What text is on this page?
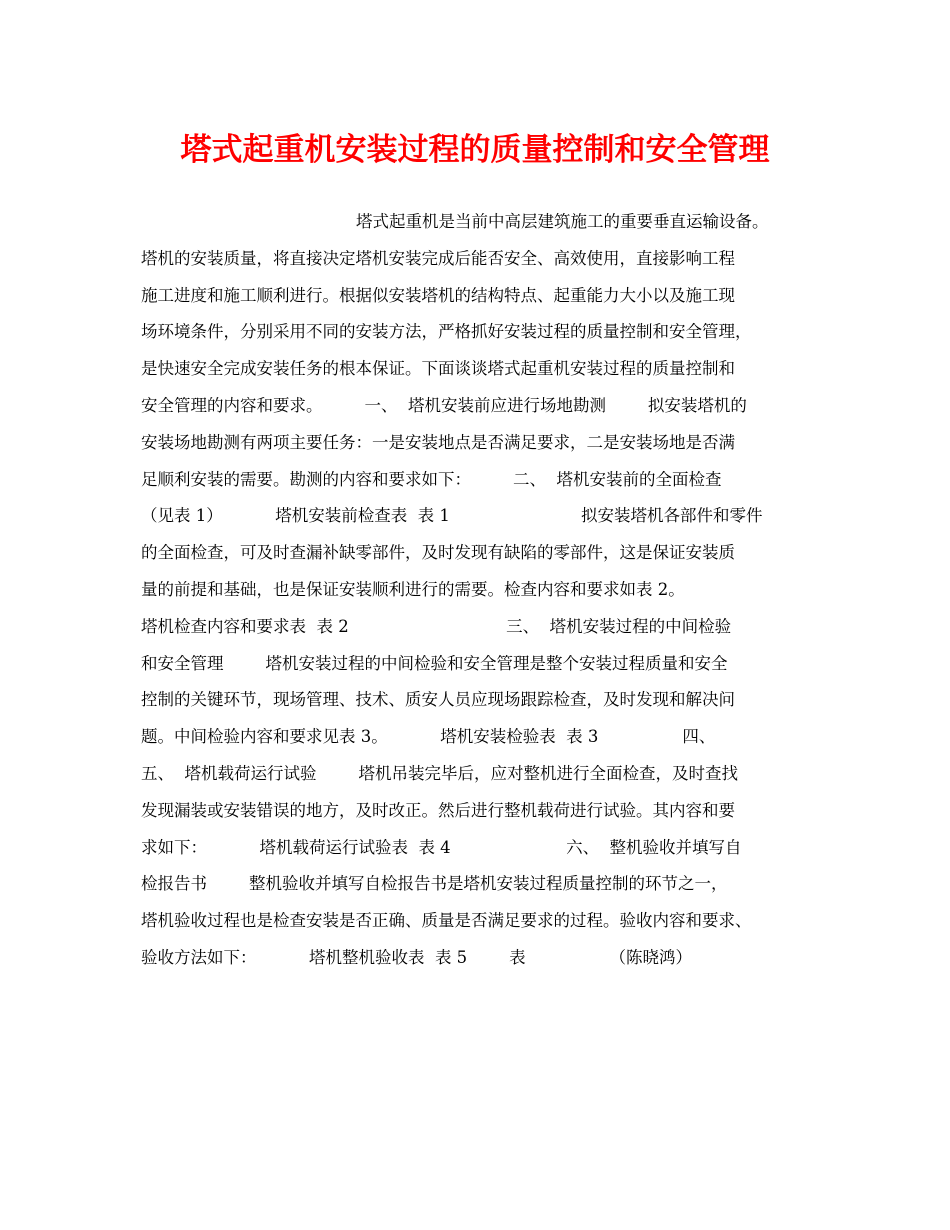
塔式起重机安装过程的质量控制和安全管理
塔式起重机是当前中高层建筑施工的重要垂直运输设备。
塔机的安装质量，将直接决定塔机安装完成后能否安全、高效使用，直接影响工程
施工进度和施工顺利进行。根据似安装塔机的结构特点、起重能力大小以及施工现
场环境条件，分别采用不同的安装方法，严格抓好安装过程的质量控制和安全管理，
是快速安全完成安装任务的根本保证。下面谈谈塔式起重机安装过程的质量控制和
安全管理的内容和要求。        一、  塔机安装前应进行场地勘测        拟安装塔机的
安装场地勘测有两项主要任务：一是安装地点是否满足要求，二是安装场地是否满
足顺利安装的需要。勘测的内容和要求如下：        二、  塔机安装前的全面检查
（见表 1）          塔机安装前检查表  表 1                         拟安装塔机各部件和零件
的全面检查，可及时查漏补缺零部件，及时发现有缺陷的零部件，这是保证安装质
量的前提和基础，也是保证安装顺利进行的需要。检查内容和要求如表 2。
塔机检查内容和要求表  表 2                              三、  塔机安装过程的中间检验
和安全管理        塔机安装过程的中间检验和安全管理是整个安装过程质量和安全
控制的关键环节，现场管理、技术、质安人员应现场跟踪检查，及时发现和解决问
题。中间检验内容和要求见表 3。          塔机安装检验表  表 3                四、
五、  塔机载荷运行试验        塔机吊装完毕后，应对整机进行全面检查，及时查找
发现漏装或安装错误的地方，及时改正。然后进行整机载荷进行试验。其内容和要
求如下：          塔机载荷运行试验表  表 4                      六、  整机验收并填写自
检报告书        整机验收并填写自检报告书是塔机安装过程质量控制的环节之一，
塔机验收过程也是检查安装是否正确、质量是否满足要求的过程。验收内容和要求、
验收方法如下：          塔机整机验收表  表 5        表                （陈晓鸿）
